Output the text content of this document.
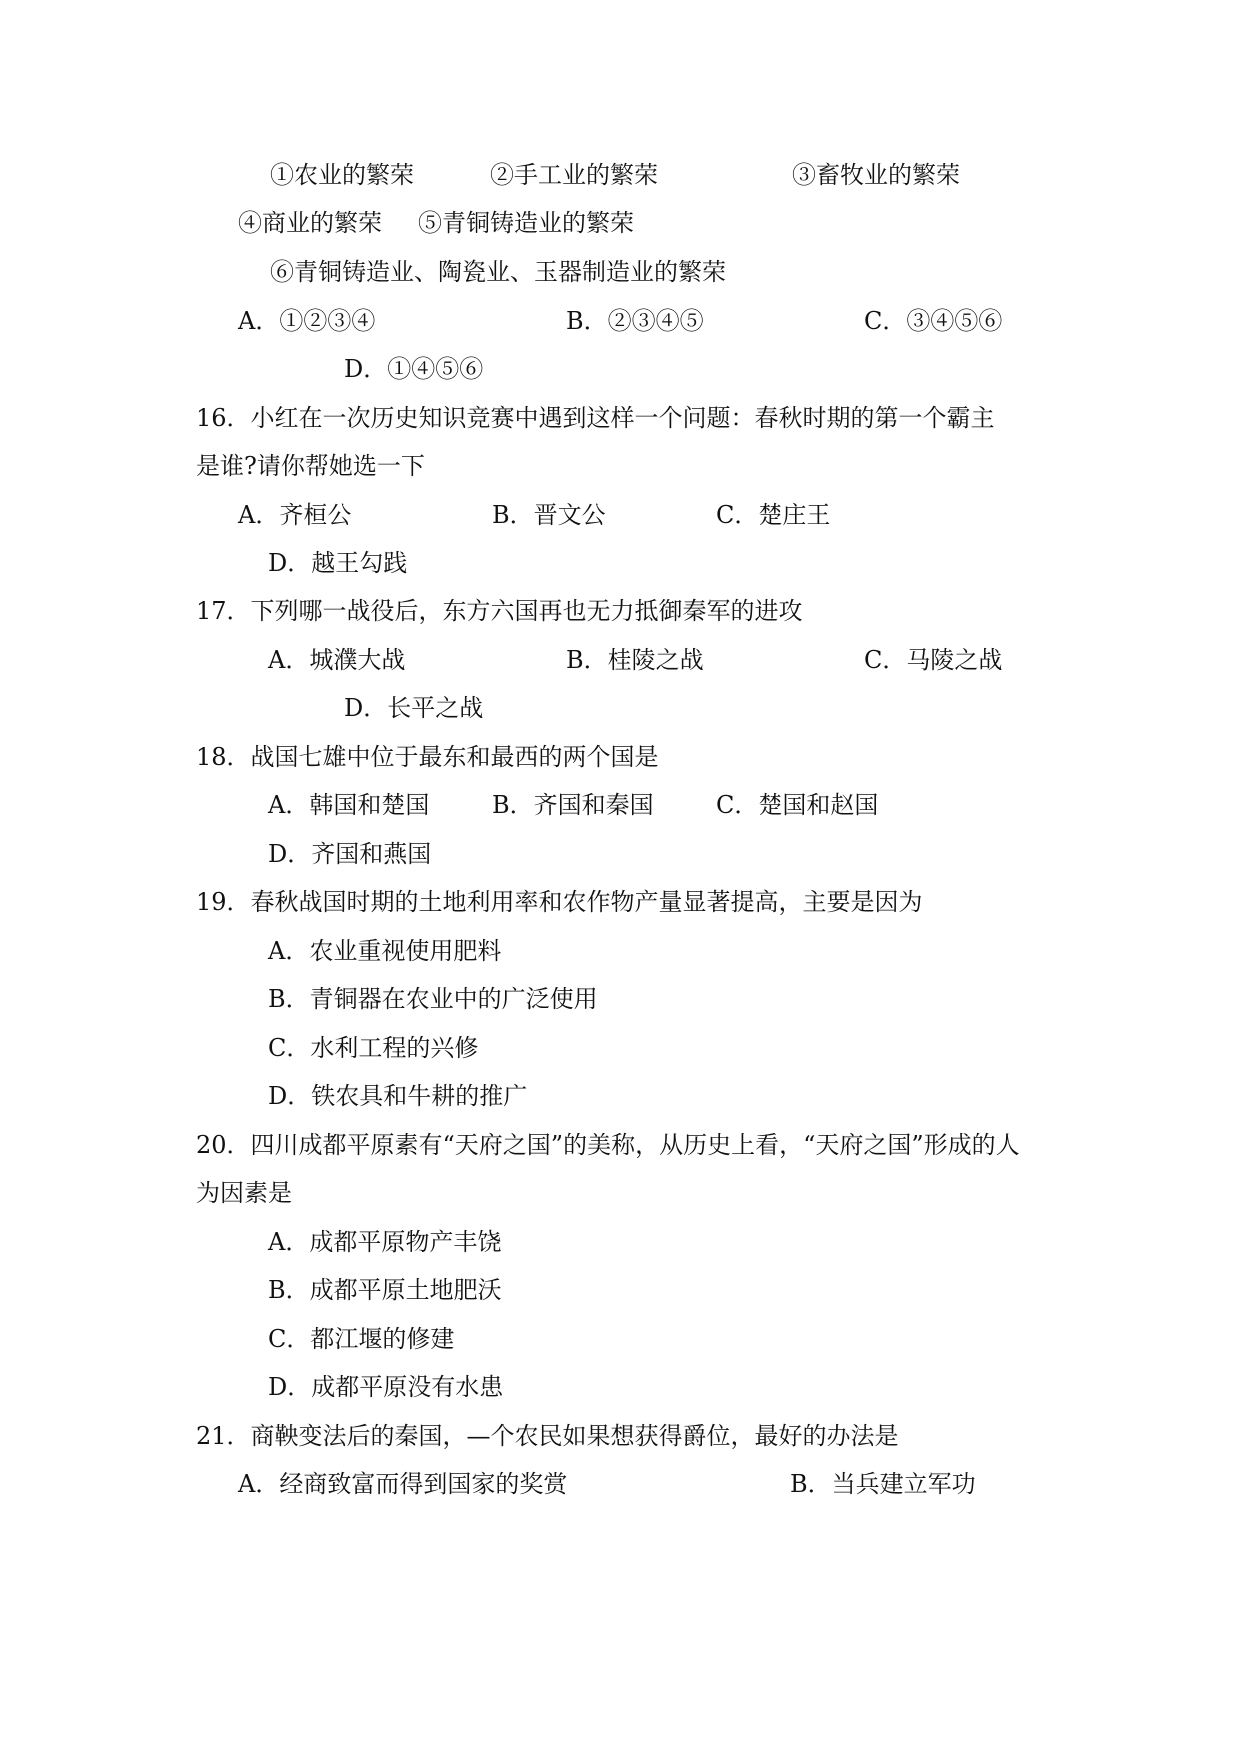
①农业的繁荣	②手工业的繁荣	③畜牧业的繁荣
④商业的繁荣 ⑤青铜铸造业的繁荣
⑥青铜铸造业、陶瓷业、玉器制造业的繁荣
A．①②③④	B．②③④⑤	C．③④⑤⑥
D．①④⑤⑥
16．小红在一次历史知识竞赛中遇到这样一个问题：春秋时期的第一个霸主
是谁?请你帮她选一下
A．齐桓公	B．晋文公	C．楚庄王
D．越王勾践
17．下列哪一战役后，东方六国再也无力抵御秦军的进攻
A．城濮大战	B．桂陵之战	C．马陵之战
D．长平之战
18．战国七雄中位于最东和最西的两个国是
A．韩国和楚国	B．齐国和秦国	C．楚国和赵国
D．齐国和燕国
19．春秋战国时期的土地利用率和农作物产量显著提高，主要是因为
A．农业重视使用肥料
B．青铜器在农业中的广泛使用
C．水利工程的兴修
D．铁农具和牛耕的推广
20．四川成都平原素有“天府之国”的美称，从历史上看，“天府之国”形成的人
为因素是
A．成都平原物产丰饶
B．成都平原土地肥沃
C．都江堰的修建
D．成都平原没有水患
21．商鞅变法后的秦国，—个农民如果想获得爵位，最好的办法是
A．经商致富而得到国家的奖赏	B．当兵建立军功
